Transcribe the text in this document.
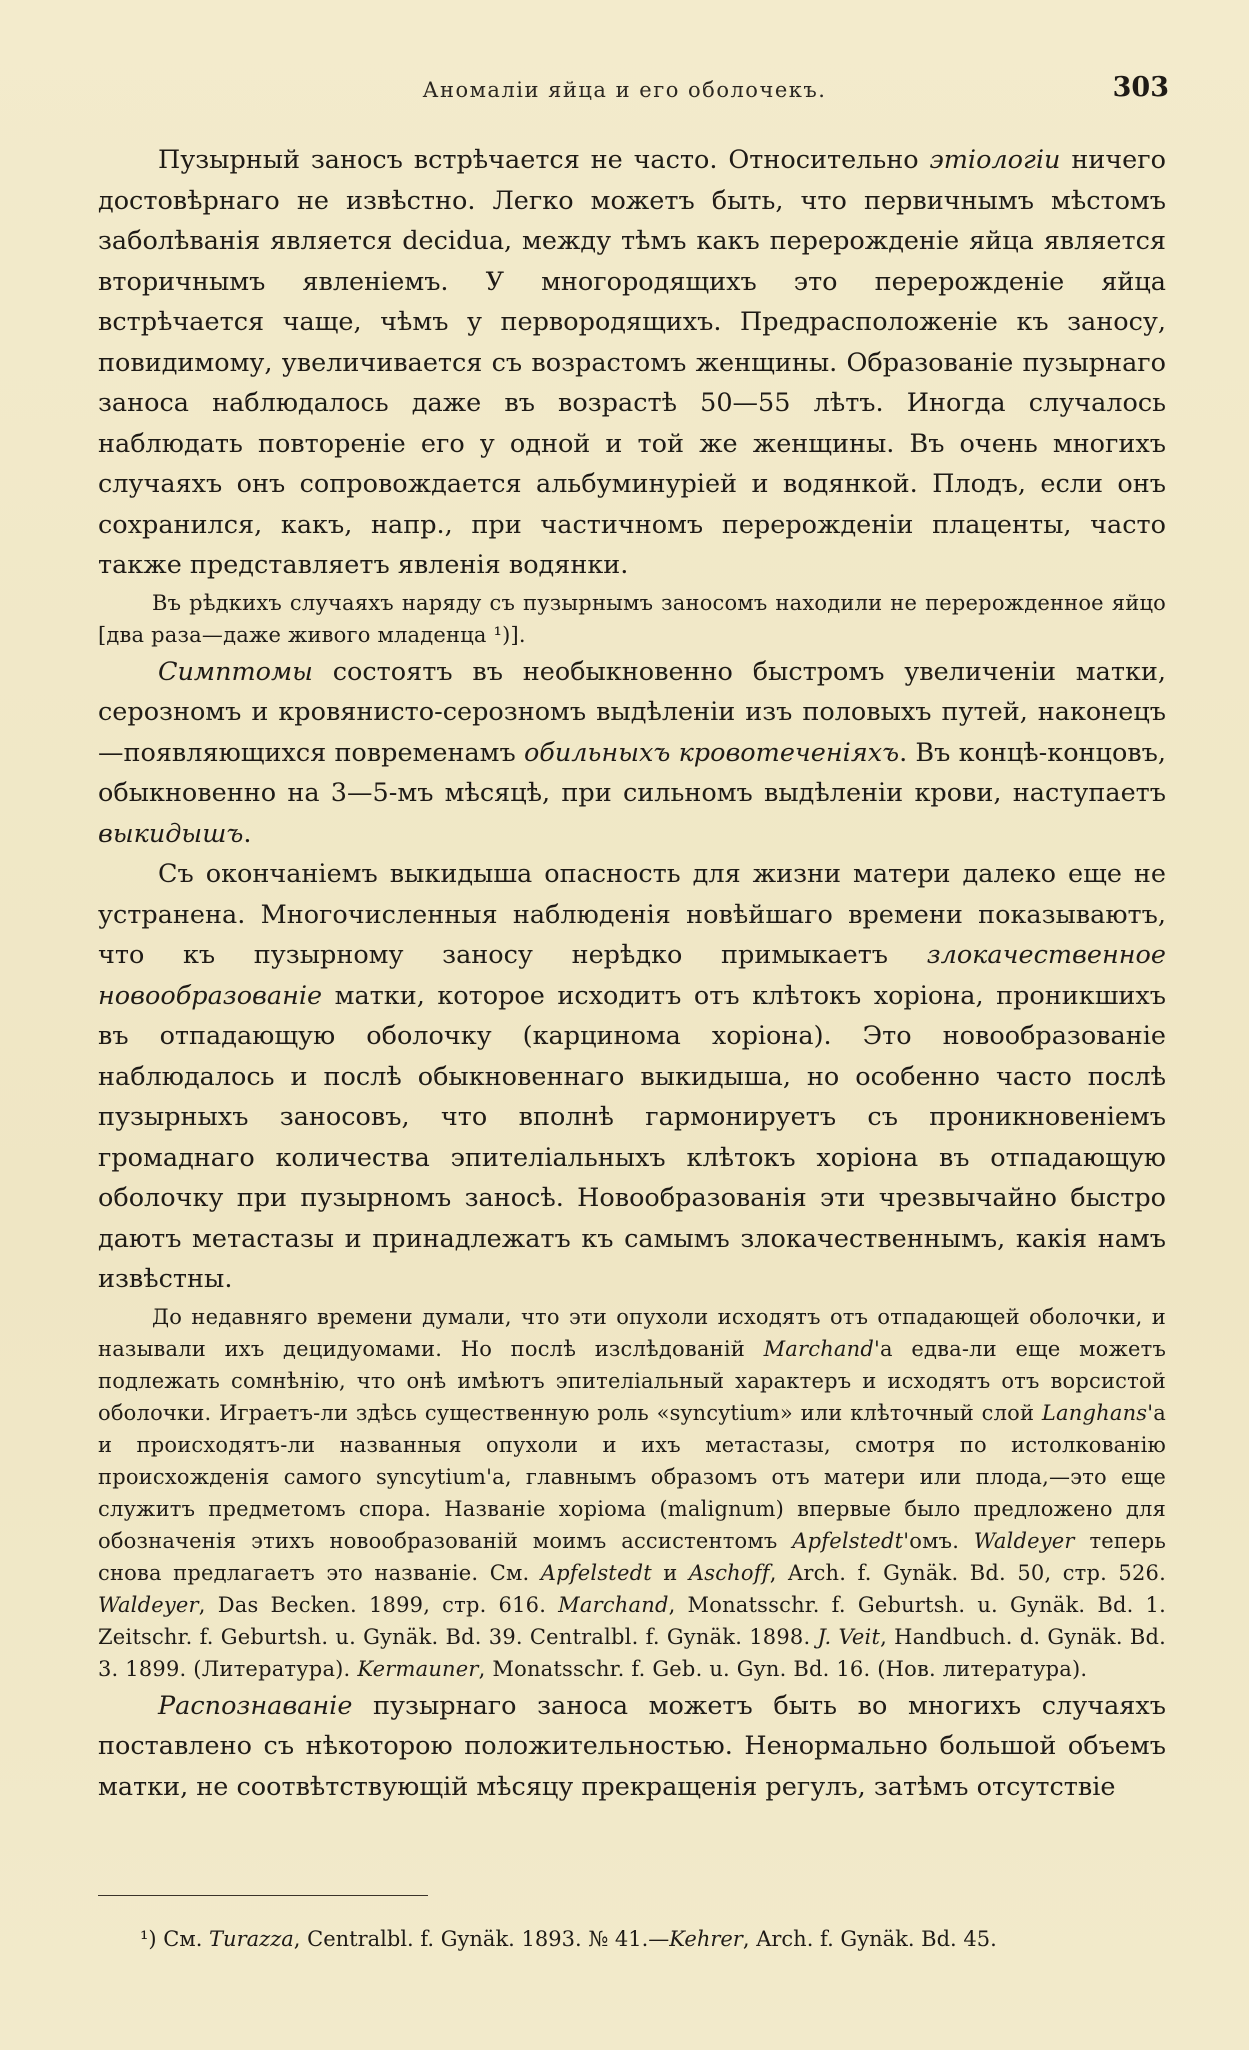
Аномалiи яйца и его оболочекъ.	303

Пузырный заносъ встрѣчается не часто. Относительно этiологiи ничего достовѣрнаго не извѣстно. Легко можетъ быть, что первичнымъ мѣстомъ заболѣванiя является decidua, между тѣмъ какъ перерожденiе яйца является вторичнымъ явленiемъ. У многородящихъ это перерожденiе яйца встрѣчается чаще, чѣмъ у первородящихъ. Предрасположенiе къ заносу, повидимому, увеличивается съ возрастомъ женщины. Образованiе пузырнаго заноса наблюдалось даже въ возрастѣ 50—55 лѣтъ. Иногда случалось наблюдать повторенiе его у одной и той же женщины. Въ очень многихъ случаяхъ онъ сопровождается альбуминурiей и водянкой. Плодъ, если онъ сохранился, какъ, напр., при частичномъ перерожденiи плаценты, часто также представляетъ явленiя водянки.

Въ рѣдкихъ случаяхъ наряду съ пузырнымъ заносомъ находили не перерожденное яйцо [два раза—даже живого младенца ¹)].

Симптомы состоятъ въ необыкновенно быстромъ увеличенiи матки, серозномъ и кровянисто-серозномъ выдѣленiи изъ половыхъ путей, наконецъ—появляющихся повременамъ обильныхъ кровотеченiяхъ. Въ концѣ-концовъ, обыкновенно на 3—5-мъ мѣсяцѣ, при сильномъ выдѣленiи крови, наступаетъ выкидышъ.

Съ окончанiемъ выкидыша опасность для жизни матери далеко еще не устранена. Многочисленныя наблюденiя новѣйшаго времени показываютъ, что къ пузырному заносу нерѣдко примыкаетъ злокачественное новообразованiе матки, которое исходитъ отъ клѣтокъ хорiона, проникшихъ въ отпадающую оболочку (карцинома хорiона). Это новообразованiе наблюдалось и послѣ обыкновеннаго выкидыша, но особенно часто послѣ пузырныхъ заносовъ, что вполнѣ гармонируетъ съ проникновенiемъ громаднаго количества эпителiальныхъ клѣтокъ хорiона въ отпадающую оболочку при пузырномъ заносѣ. Новообразованiя эти чрезвычайно быстро даютъ метастазы и принадлежатъ къ самымъ злокачественнымъ, какiя намъ извѣстны.

До недавняго времени думали, что эти опухоли исходятъ отъ отпадающей оболочки, и называли ихъ децидуомами. Но послѣ изслѣдованiй Marchand'а едва-ли еще можетъ подлежать сомнѣнiю, что онѣ имѣютъ эпителiальный характеръ и исходятъ отъ ворсистой оболочки. Играетъ-ли здѣсь существенную роль «syncytium» или клѣточный слой Langhans'а и происходятъ-ли названныя опухоли и ихъ метастазы, смотря по истолкованiю происхожденiя самого syncytium'а, главнымъ образомъ отъ матери или плода,—это еще служитъ предметомъ спора. Названiе хорiома (malignum) впервые было предложено для обозначенiя этихъ новообразованiй моимъ ассистентомъ Apfelstedt'омъ. Waldeyer теперь снова предлагаетъ это названiе. См. Apfelstedt и Aschoff, Arch. f. Gynäk. Bd. 50, стр. 526. Waldeyer, Das Becken. 1899, стр. 616. Marchand, Monatsschr. f. Geburtsh. u. Gynäk. Bd. 1. Zeitschr. f. Geburtsh. u. Gynäk. Bd. 39. Centralbl. f. Gynäk. 1898. J. Veit, Handbuch. d. Gynäk. Bd. 3. 1899. (Литература). Kermauner, Monatsschr. f. Geb. u. Gyn. Bd. 16. (Нов. литература).

Распознаванiе пузырнаго заноса можетъ быть во многихъ случаяхъ поставлено съ нѣкоторою положительностью. Ненормально большой объемъ матки, не соотвѣтствующiй мѣсяцу прекращенiя регулъ, затѣмъ отсутствiе

¹) См. Turazza, Centralbl. f. Gynäk. 1893. № 41.—Kehrer, Arch. f. Gynäk. Bd. 45.
